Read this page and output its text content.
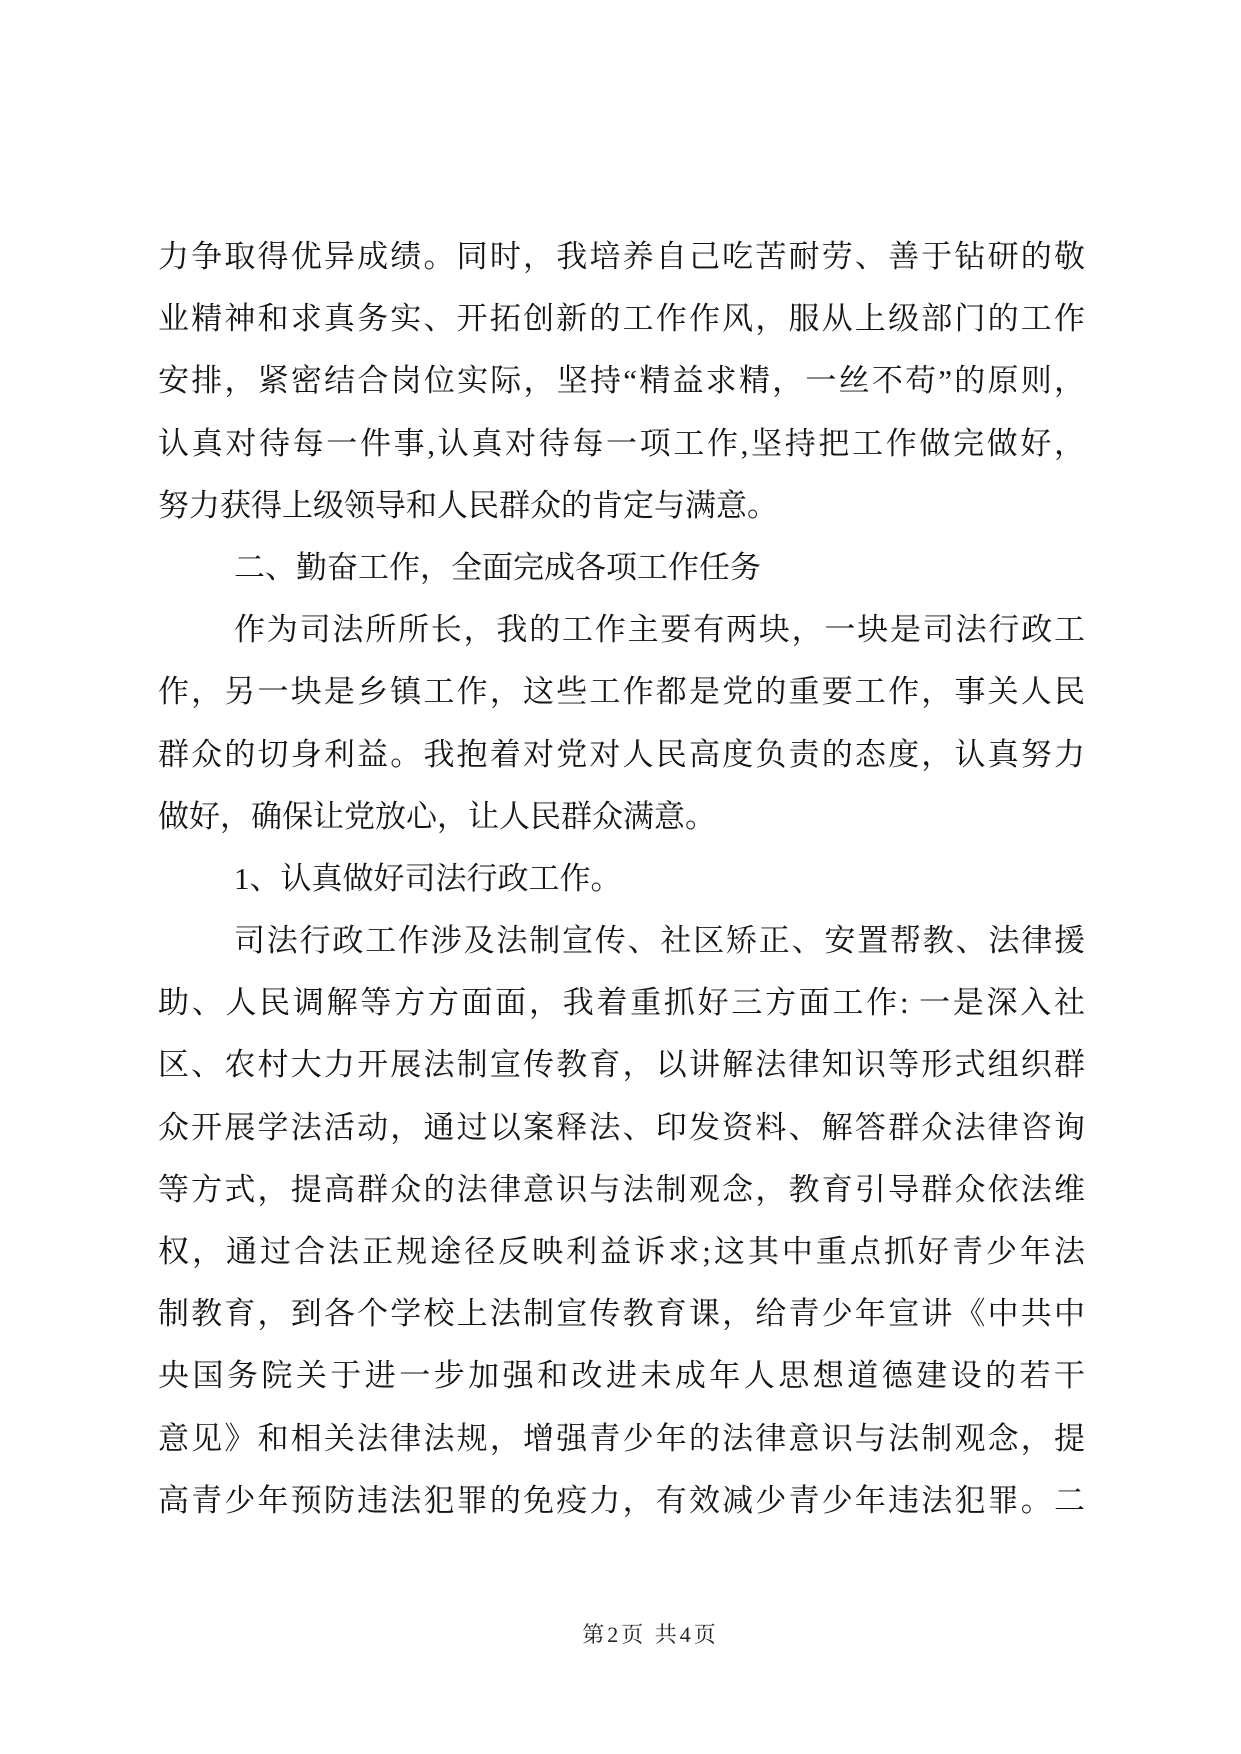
力争取得优异成绩。同时，我培养自己吃苦耐劳、善于钻研的敬
业精神和求真务实、开拓创新的工作作风，服从上级部门的工作
安排，紧密结合岗位实际，坚持“精益求精，一丝不苟”的原则，
认真对待每一件事,认真对待每一项工作,坚持把工作做完做好，
努力获得上级领导和人民群众的肯定与满意。
二、勤奋工作，全面完成各项工作任务
作为司法所所长，我的工作主要有两块，一块是司法行政工
作，另一块是乡镇工作，这些工作都是党的重要工作，事关人民
群众的切身利益。我抱着对党对人民高度负责的态度，认真努力
做好，确保让党放心，让人民群众满意。
1、认真做好司法行政工作。
司法行政工作涉及法制宣传、社区矫正、安置帮教、法律援
助、人民调解等方方面面，我着重抓好三方面工作: 一是深入社
区、农村大力开展法制宣传教育，以讲解法律知识等形式组织群
众开展学法活动，通过以案释法、印发资料、解答群众法律咨询
等方式，提高群众的法律意识与法制观念，教育引导群众依法维
权，通过合法正规途径反映利益诉求;这其中重点抓好青少年法
制教育，到各个学校上法制宣传教育课，给青少年宣讲《中共中
央国务院关于进一步加强和改进未成年人思想道德建设的若干
意见》和相关法律法规，增强青少年的法律意识与法制观念，提
高青少年预防违法犯罪的免疫力，有效减少青少年违法犯罪。二
第2页 共4页
